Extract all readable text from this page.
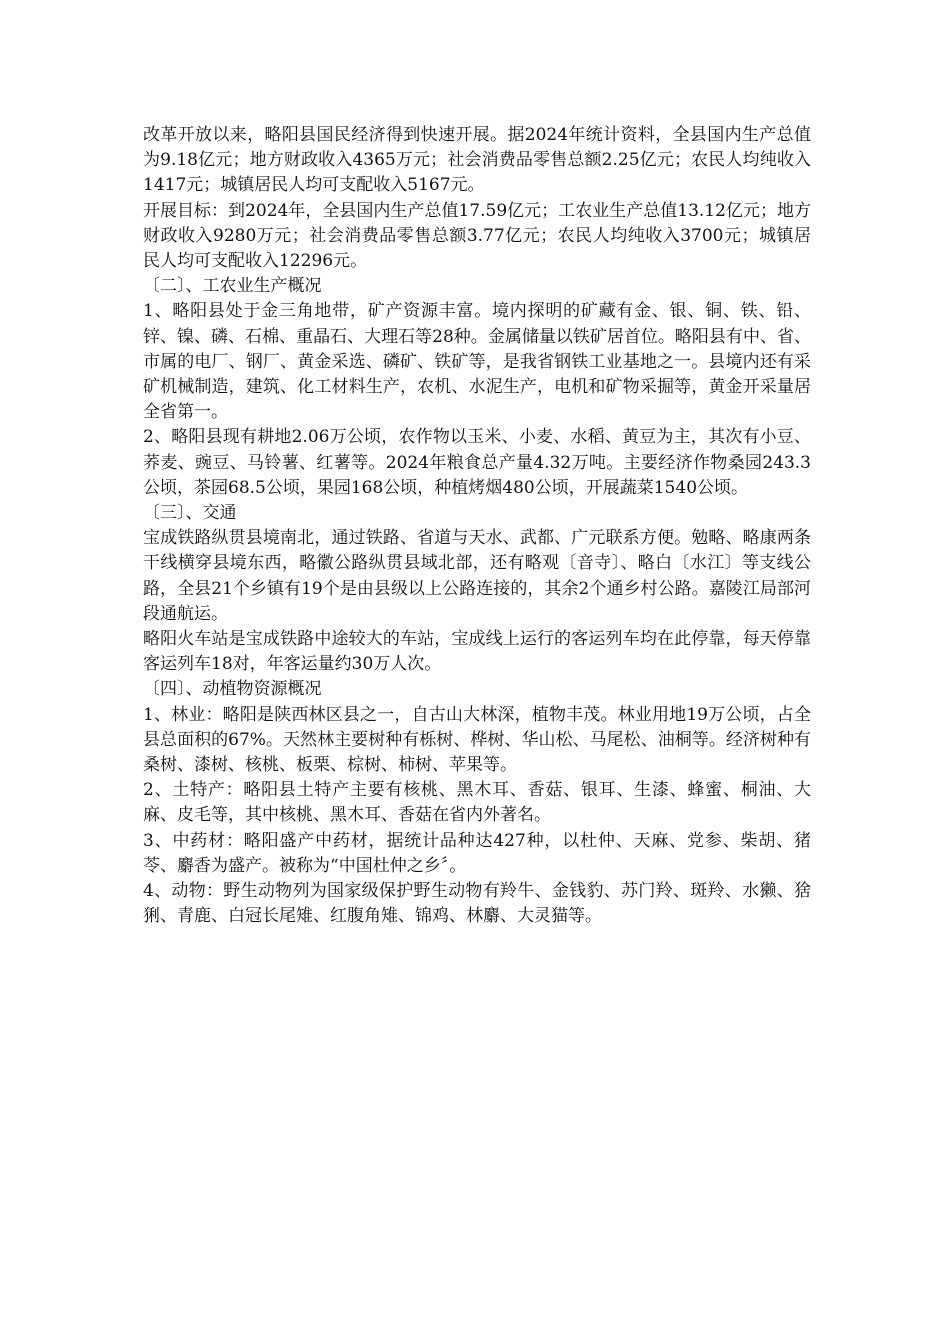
改革开放以来，略阳县国民经济得到快速开展。据2024年统计资料，全县国内生产总值为9.18亿元；地方财政收入4365万元；社会消费品零售总额2.25亿元；农民人均纯收入1417元；城镇居民人均可支配收入5167元。

开展目标：到2024年，全县国内生产总值17.59亿元；工农业生产总值13.12亿元；地方财政收入9280万元；社会消费品零售总额3.77亿元；农民人均纯收入3700元；城镇居民人均可支配收入12296元。

〔二〕、工农业生产概况

1、略阳县处于金三角地带，矿产资源丰富。境内探明的矿藏有金、银、铜、铁、铅、锌、镍、磷、石棉、重晶石、大理石等28种。金属储量以铁矿居首位。略阳县有中、省、市属的电厂、钢厂、黄金采选、磷矿、铁矿等，是我省钢铁工业基地之一。县境内还有采矿机械制造，建筑、化工材料生产，农机、水泥生产，电机和矿物采掘等，黄金开采量居全省第一。

2、略阳县现有耕地2.06万公顷，农作物以玉米、小麦、水稻、黄豆为主，其次有小豆、荞麦、豌豆、马铃薯、红薯等。2024年粮食总产量4.32万吨。主要经济作物桑园243.3公顷，茶园68.5公顷，果园168公顷，种植烤烟480公顷，开展蔬菜1540公顷。

〔三〕、交通

宝成铁路纵贯县境南北，通过铁路、省道与天水、武都、广元联系方便。勉略、略康两条干线横穿县境东西，略徽公路纵贯县域北部，还有略观〔音寺〕、略白〔水江〕等支线公路，全县21个乡镇有19个是由县级以上公路连接的，其余2个通乡村公路。嘉陵江局部河段通航运。

略阳火车站是宝成铁路中途较大的车站，宝成线上运行的客运列车均在此停靠，每天停靠客运列车18对，年客运量约30万人次。

〔四〕、动植物资源概况

1、林业：略阳是陕西林区县之一，自古山大林深，植物丰茂。林业用地19万公顷，占全县总面积的67%。天然林主要树种有栎树、桦树、华山松、马尾松、油桐等。经济树种有桑树、漆树、核桃、板栗、棕树、柿树、苹果等。

2、土特产：略阳县土特产主要有核桃、黑木耳、香菇、银耳、生漆、蜂蜜、桐油、大麻、皮毛等，其中核桃、黑木耳、香菇在省内外著名。

3、中药材：略阳盛产中药材，据统计品种达427种，以杜仲、天麻、党参、柴胡、猪苓、麝香为盛产。被称为“中国杜仲之乡〞。

4、动物：野生动物列为国家级保护野生动物有羚牛、金钱豹、苏门羚、斑羚、水獭、猞猁、青鹿、白冠长尾雉、红腹角雉、锦鸡、林麝、大灵猫等。
